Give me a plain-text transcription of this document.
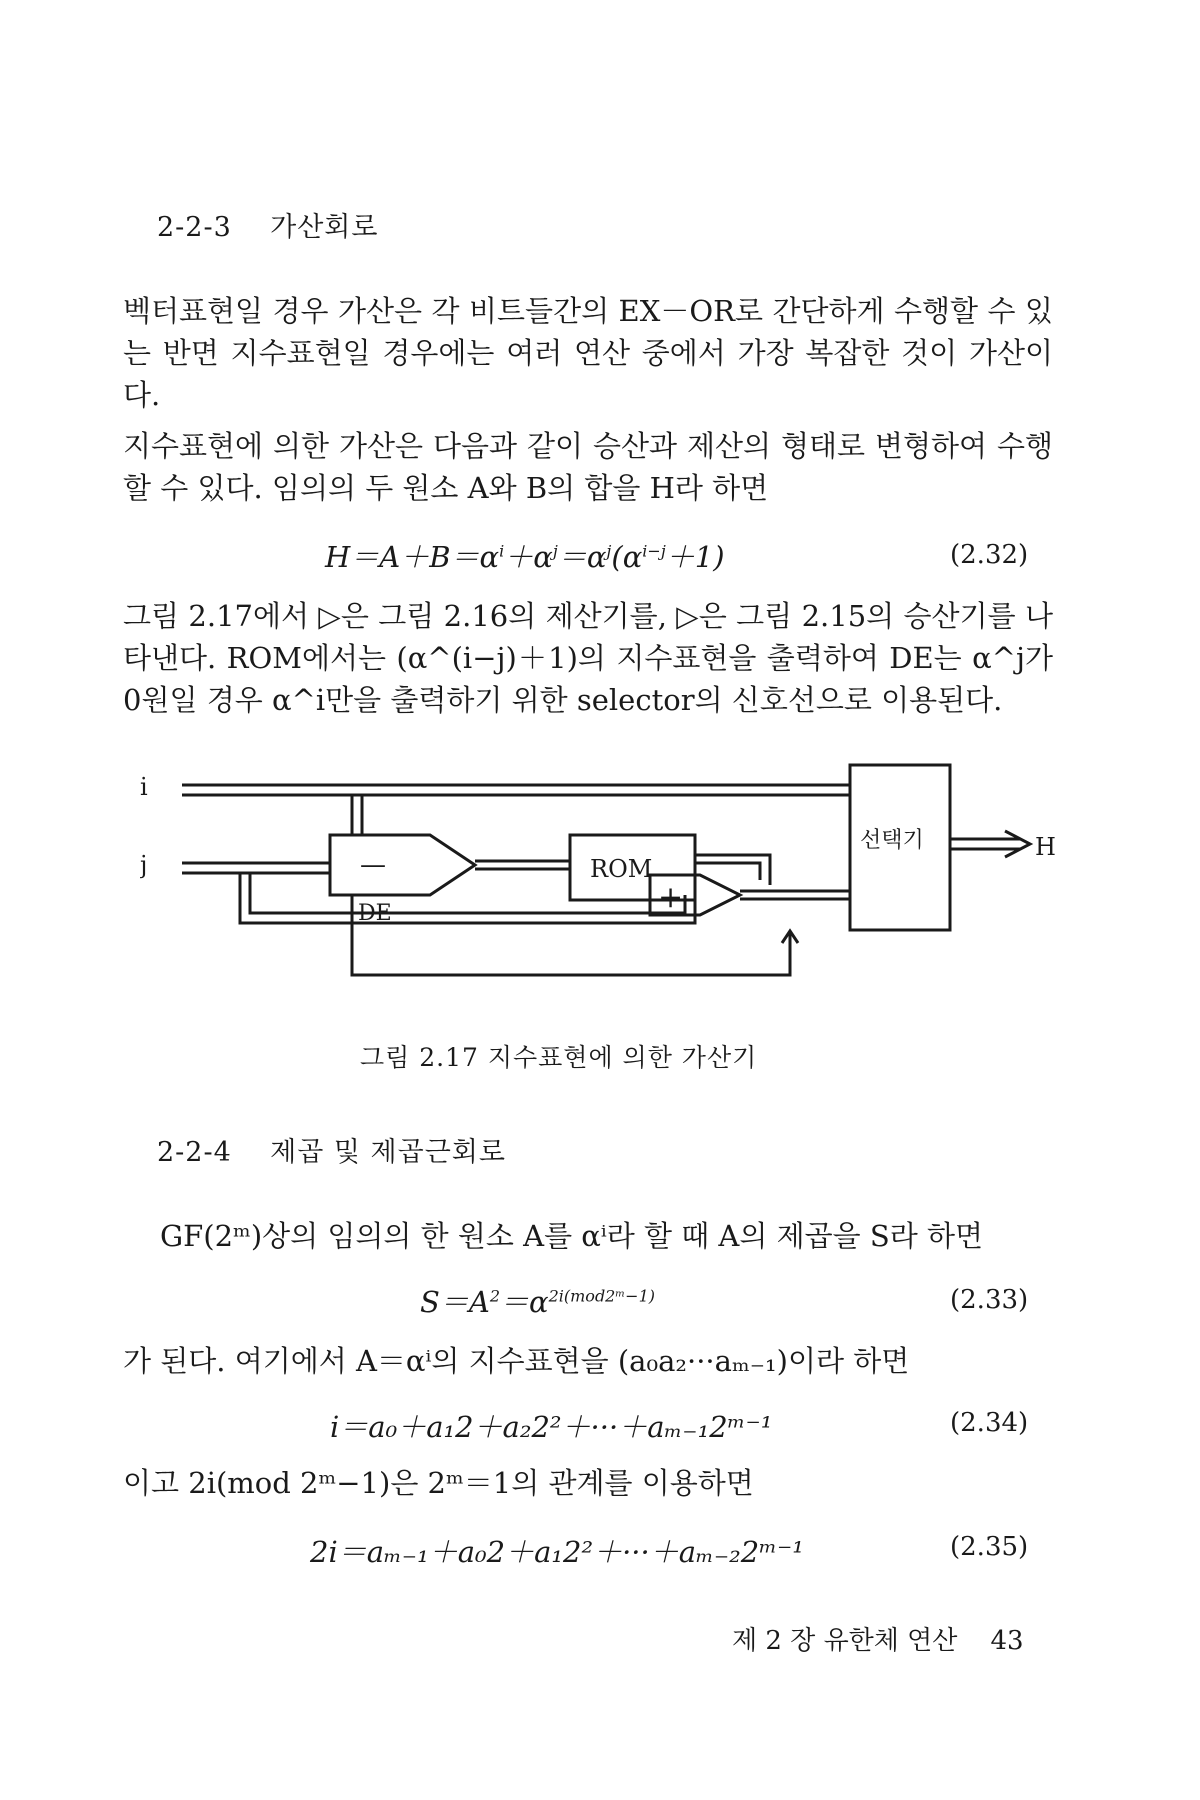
2-2-3 가산회로
벡터표현일 경우 가산은 각 비트들간의 EX－OR로 간단하게 수행할 수 있는 반면 지수표현일 경우에는 여러 연산 중에서 가장 복잡한 것이 가산이다.
지수표현에 의한 가산은 다음과 같이 승산과 제산의 형태로 변형하여 수행할 수 있다. 임의의 두 원소 A와 B의 합을 H라 하면
$H=A+B=\alpha^i+\alpha^j=\alpha^j(\alpha^{i-j}+1)$	(2.32)
그림 2.17에서 ▷은 그림 2.16의 제산기를, ▷은 그림 2.15의 승산기를 나타낸다. ROM에서는 (α^(i−j)＋1)의 지수표현을 출력하여 DE는 α^j가 0원일 경우 α^i만을 출력하기 위한 selector의 신호선으로 이용된다.
i
j	—	ROM
DE	+
선택기	H
그림 2.17 지수표현에 의한 가산기
2-2-4 제곱 및 제곱근회로
GF(2ᵐ)상의 임의의 한 원소 A를 αⁱ라 할 때 A의 제곱을 S라 하면
$S=A^2=\alpha^{2i(mod2ᵐ-1)}$	(2.33)
가 된다. 여기에서 A＝αⁱ의 지수표현을 (a₀a₂···aₘ₋₁)이라 하면
i＝a₀＋a₁2＋a₂2²＋···＋aₘ₋₁2ᵐ⁻¹	(2.34)
이고 2i(mod 2ᵐ−1)은 2ᵐ＝1의 관계를 이용하면
2i＝aₘ₋₁＋a₀2＋a₁2²＋···＋aₘ₋₂2ᵐ⁻¹	(2.35)
제 2 장 유한체 연산 43
